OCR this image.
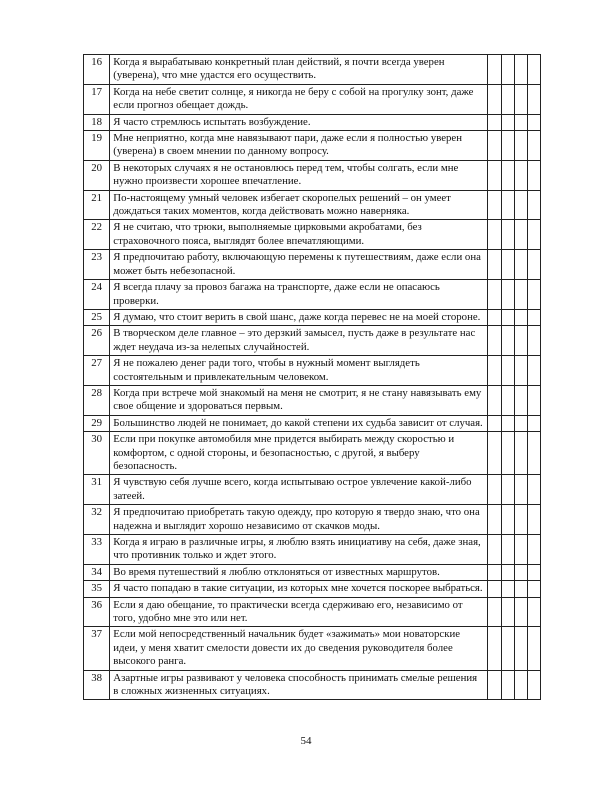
16	Когда я вырабатываю конкретный план действий, я почти всегда уверен (уверена), что мне удастся его осуществить.				
17	Когда на небе светит солнце, я никогда не беру с собой на прогулку зонт, даже если прогноз обещает дождь.				
18	Я часто стремлюсь испытать возбуждение.				
19	Мне неприятно, когда мне навязывают пари, даже если я полностью уверен (уверена) в своем мнении по данному вопросу.				
20	В некоторых случаях я не остановлюсь перед тем, чтобы солгать, если мне нужно произвести хорошее впечатление.				
21	По-настоящему умный человек избегает скоропелых решений – он умеет дождаться таких моментов, когда действовать можно наверняка.				
22	Я не считаю, что трюки, выполняемые цирковыми акробатами, без страховочного пояса, выглядят более впечатляющими.				
23	Я предпочитаю работу, включающую перемены к путешествиям, даже если она может быть небезопасной.				
24	Я всегда плачу за провоз багажа на транспорте, даже если не опасаюсь проверки.				
25	Я думаю, что стоит верить в свой шанс, даже когда перевес не на моей стороне.				
26	В творческом деле главное – это дерзкий замысел, пусть даже в результате нас ждет неудача из-за нелепых случайностей.				
27	Я не пожалею денег ради того, чтобы в нужный момент выглядеть состоятельным и привлекательным человеком.				
28	Когда при встрече мой знакомый на меня не смотрит, я не стану навязывать ему свое общение и здороваться первым.				
29	Большинство людей не понимает, до какой степени их судьба зависит от случая.				
30	Если при покупке автомобиля мне придется выбирать между скоростью и комфортом, с одной стороны, и безопасностью, с другой, я выберу безопасность.				
31	Я чувствую себя лучше всего, когда испытываю острое увлечение какой-либо затеей.				
32	Я предпочитаю приобретать такую одежду, про которую я твердо знаю, что она надежна и выглядит хорошо независимо от скачков моды.				
33	Когда я играю в различные игры, я люблю взять инициативу на себя, даже зная, что противник только и ждет этого.				
34	Во время путешествий я люблю отклоняться от известных маршрутов.				
35	Я часто попадаю в такие ситуации, из которых мне хочется поскорее выбраться.				
36	Если я даю обещание, то практически всегда сдерживаю его, независимо от того, удобно мне это или нет.				
37	Если мой непосредственный начальник будет «зажимать» мои новаторские идеи, у меня хватит смелости довести их до сведения руководителя более высокого ранга.				
38	Азартные игры развивают у человека способность принимать смелые решения в сложных жизненных ситуациях.				
54
